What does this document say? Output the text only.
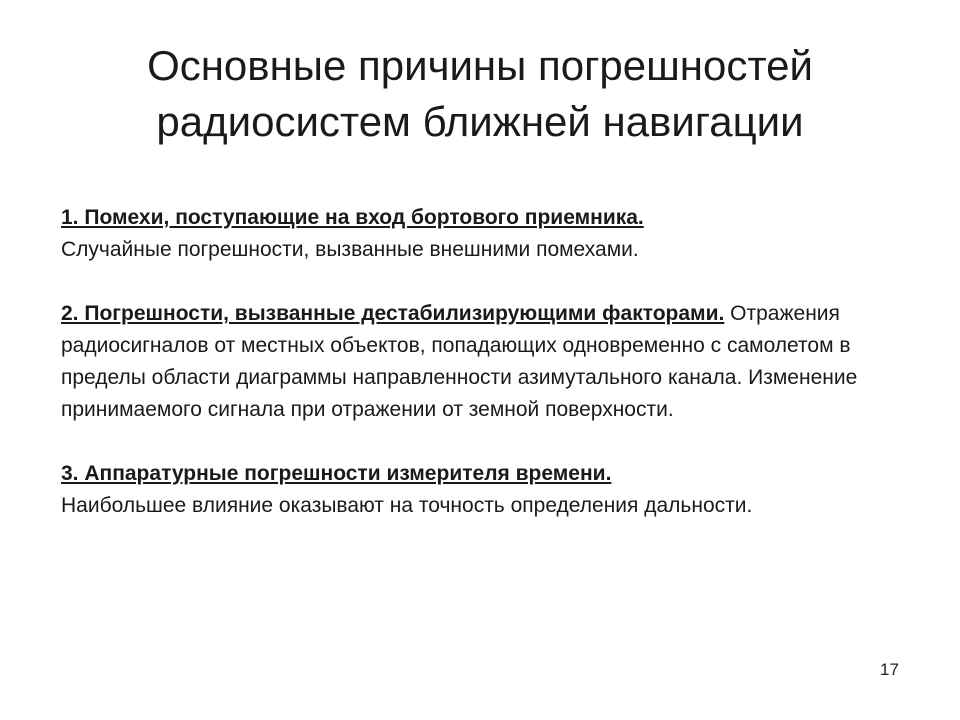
Основные причины погрешностей
радиосистем ближней навигации

1. Помехи, поступающие на вход бортового приемника.
Случайные погрешности, вызванные внешними помехами.

2. Погрешности, вызванные дестабилизирующими факторами. Отражения радиосигналов от местных объектов, попадающих одновременно с самолетом в пределы области диаграммы направленности азимутального канала. Изменение принимаемого сигнала при отражении от земной поверхности.

3. Аппаратурные погрешности измерителя времени.
Наибольшее влияние оказывают на точность определения дальности.

17
